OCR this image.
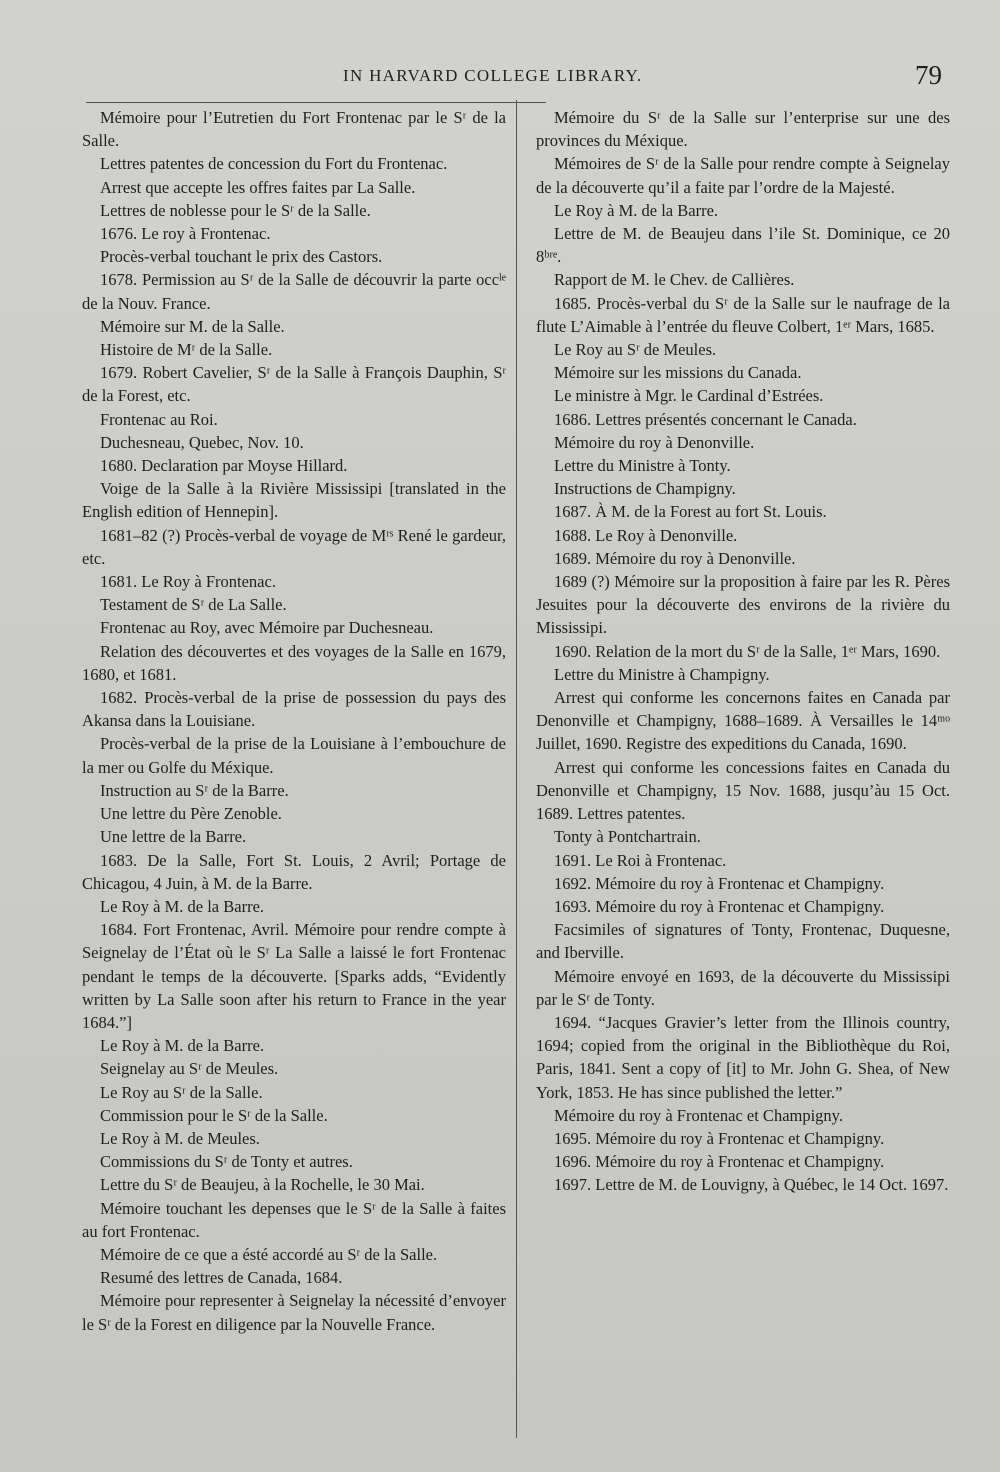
IN HARVARD COLLEGE LIBRARY.	79

Mémoire pour l’Eutretien du Fort Frontenac par le Sʳ de la Salle.

Lettres patentes de concession du Fort du Frontenac.

Arrest que accepte les offres faites par La Salle.

Lettres de noblesse pour le Sʳ de la Salle.

1676. Le roy à Frontenac.

Procès-verbal touchant le prix des Castors.

1678. Permission au Sʳ de la Salle de découvrir la parte occˡᵉ de la Nouv. France.

Mémoire sur M. de la Salle.

Histoire de Mʳ de la Salle.

1679. Robert Cavelier, Sʳ de la Salle à François Dauphin, Sʳ de la Forest, etc.

Frontenac au Roi.

Duchesneau, Quebec, Nov. 10.

1680. Declaration par Moyse Hillard.

Voige de la Salle à la Rivière Mississipi [translated in the English edition of Hennepin].

1681–82 (?) Procès-verbal de voyage de Mʳˢ René le gardeur, etc.

1681. Le Roy à Frontenac.

Testament de Sʳ de La Salle.

Frontenac au Roy, avec Mémoire par Duchesneau.

Relation des découvertes et des voyages de la Salle en 1679, 1680, et 1681.

1682. Procès-verbal de la prise de possession du pays des Akansa dans la Louisiane.

Procès-verbal de la prise de la Louisiane à l’embouchure de la mer ou Golfe du Méxique.

Instruction au Sʳ de la Barre.

Une lettre du Père Zenoble.

Une lettre de la Barre.

1683. De la Salle, Fort St. Louis, 2 Avril; Portage de Chicagou, 4 Juin, à M. de la Barre.

Le Roy à M. de la Barre.

1684. Fort Frontenac, Avril. Mémoire pour rendre compte à Seignelay de l’État où le Sʳ La Salle a laissé le fort Frontenac pendant le temps de la découverte. [Sparks adds, “Evidently written by La Salle soon after his return to France in the year 1684.”]

Le Roy à M. de la Barre.

Seignelay au Sʳ de Meules.

Le Roy au Sʳ de la Salle.

Commission pour le Sʳ de la Salle.

Le Roy à M. de Meules.

Commissions du Sʳ de Tonty et autres.

Lettre du Sʳ de Beaujeu, à la Rochelle, le 30 Mai.

Mémoire touchant les depenses que le Sʳ de la Salle à faites au fort Frontenac.

Mémoire de ce que a ésté accordé au Sʳ de la Salle.

Resumé des lettres de Canada, 1684.

Mémoire pour representer à Seignelay la nécessité d’envoyer le Sʳ de la Forest en diligence par la Nouvelle France.

Mémoire du Sʳ de la Salle sur l’enterprise sur une des provinces du Méxique.

Mémoires de Sʳ de la Salle pour rendre compte à Seignelay de la découverte qu’il a faite par l’ordre de la Majesté.

Le Roy à M. de la Barre.

Lettre de M. de Beaujeu dans l’ile St. Dominique, ce 20 8ᵇʳᵉ.

Rapport de M. le Chev. de Callières.

1685. Procès-verbal du Sʳ de la Salle sur le naufrage de la flute L’Aimable à l’entrée du fleuve Colbert, 1ᵉʳ Mars, 1685.

Le Roy au Sʳ de Meules.

Mémoire sur les missions du Canada.

Le ministre à Mgr. le Cardinal d’Estrées.

1686. Lettres présentés concernant le Canada.

Mémoire du roy à Denonville.

Lettre du Ministre à Tonty.

Instructions de Champigny.

1687. À M. de la Forest au fort St. Louis.

1688. Le Roy à Denonville.

1689. Mémoire du roy à Denonville.

1689 (?) Mémoire sur la proposition à faire par les R. Pères Jesuites pour la découverte des environs de la rivière du Mississipi.

1690. Relation de la mort du Sʳ de la Salle, 1ᵉʳ Mars, 1690.

Lettre du Ministre à Champigny.

Arrest qui conforme les concernons faites en Canada par Denonville et Champigny, 1688–1689. À Versailles le 14ᵐᵒ Juillet, 1690. Registre des expeditions du Canada, 1690.

Arrest qui conforme les concessions faites en Canada du Denonville et Champigny, 15 Nov. 1688, jusqu’àu 15 Oct. 1689. Lettres patentes.

Tonty à Pontchartrain.

1691. Le Roi à Frontenac.

1692. Mémoire du roy à Frontenac et Champigny.

1693. Mémoire du roy à Frontenac et Champigny.

Facsimiles of signatures of Tonty, Frontenac, Duquesne, and Iberville.

Mémoire envoyé en 1693, de la découverte du Mississipi par le Sʳ de Tonty.

1694. “Jacques Gravier’s letter from the Illinois country, 1694; copied from the original in the Bibliothèque du Roi, Paris, 1841. Sent a copy of [it] to Mr. John G. Shea, of New York, 1853. He has since published the letter.”

Mémoire du roy à Frontenac et Champigny.

1695. Mémoire du roy à Frontenac et Champigny.

1696. Mémoire du roy à Frontenac et Champigny.

1697. Lettre de M. de Louvigny, à Québec, le 14 Oct. 1697.
